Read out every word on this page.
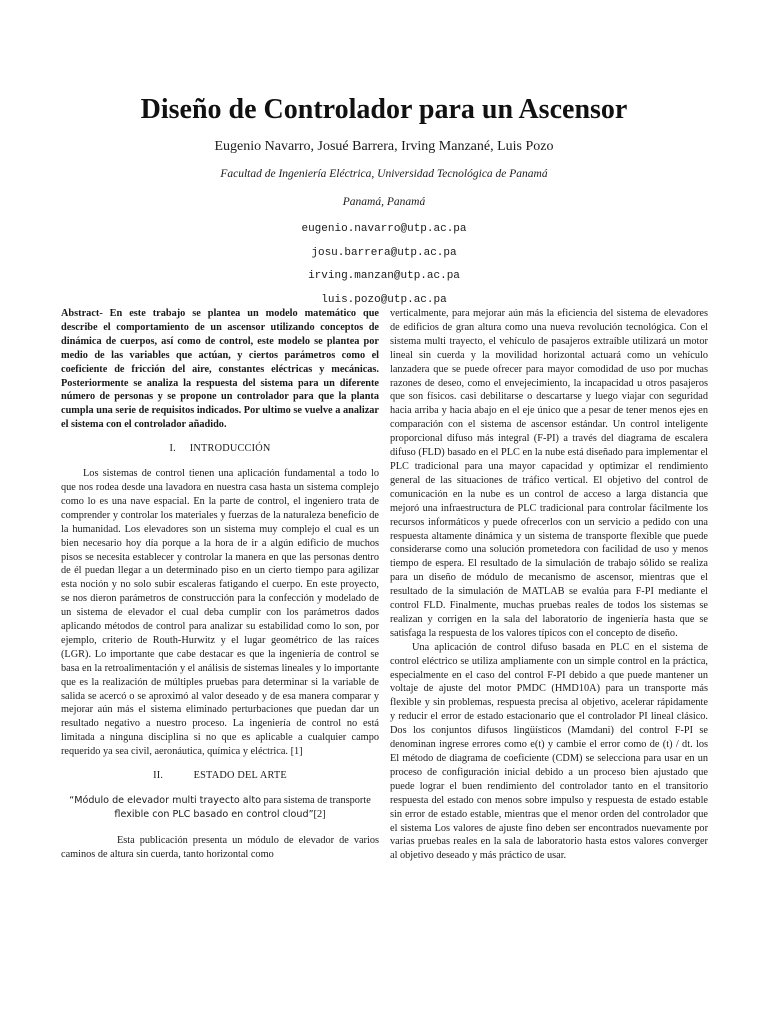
Diseño de Controlador para un Ascensor

Eugenio Navarro, Josué Barrera, Irving Manzané, Luis Pozo

Facultad de Ingeniería Eléctrica, Universidad Tecnológica de Panamá

Panamá, Panamá

eugenio.navarro@utp.ac.pa

josu.barrera@utp.ac.pa

irving.manzan@utp.ac.pa

luis.pozo@utp.ac.pa

Abstract- En este trabajo se plantea un modelo matemático que describe el comportamiento de un ascensor utilizando conceptos de dinámica de cuerpos, así como de control, este modelo se plantea por medio de las variables que actúan, y ciertos parámetros como el coeficiente de fricción del aire, constantes eléctricas y mecánicas. Posteriormente se analiza la respuesta del sistema para un diferente número de personas y se propone un controlador para que la planta cumpla una serie de requisitos indicados. Por ultimo se vuelve a analizar el sistema con el controlador añadido.

I.     INTRODUCCIÓN

Los sistemas de control tienen una aplicación fundamental a todo lo que nos rodea desde una lavadora en nuestra casa hasta un sistema complejo como lo es una nave espacial. En la parte de control, el ingeniero trata de comprender y controlar los materiales y fuerzas de la naturaleza beneficio de la humanidad. Los elevadores son un sistema muy complejo el cual es un bien necesario hoy día porque a la hora de ir a algún edificio de muchos pisos se necesita establecer y controlar la manera en que las personas dentro de él puedan llegar a un determinado piso en un cierto tiempo para agilizar esta noción y no solo subir escaleras fatigando el cuerpo. En este proyecto, se nos dieron parámetros de construcción para la confección y modelado de un sistema de elevador el cual deba cumplir con los parámetros dados aplicando métodos de control para analizar su estabilidad como lo son, por ejemplo, criterio de Routh-Hurwitz y el lugar geométrico de las raíces (LGR). Lo importante que cabe destacar es que la ingeniería de control se basa en la retroalimentación y el análisis de sistemas lineales y lo importante que es la realización de múltiples pruebas para determinar si la variable de salida se acercó o se aproximó al valor deseado y de esa manera comparar y mejorar aún más el sistema eliminado perturbaciones que puedan dar un resultado negativo a nuestro proceso. La ingeniería de control no está limitada a ninguna disciplina si no que es aplicable a cualquier campo requerido ya sea civil, aeronáutica, química y eléctrica. [1]

II.           ESTADO DEL ARTE
“Módulo de elevador multi trayecto alto para sistema de transporte
flexible con PLC basado en control cloud”[2]

Esta publicación presenta un módulo de elevador de varios caminos de altura sin cuerda, tanto horizontal como

verticalmente, para mejorar aún más la eficiencia del sistema de elevadores de edificios de gran altura como una nueva revolución tecnológica. Con el sistema multi trayecto, el vehículo de pasajeros extraíble utilizará un motor lineal sin cuerda y la movilidad horizontal actuará como un vehículo lanzadera que se puede ofrecer para mayor comodidad de uso por muchas razones de deseo, como el envejecimiento, la incapacidad u otros pasajeros que son físicos. casi debilitarse o descartarse y luego viajar con seguridad hacia arriba y hacia abajo en el eje único que a pesar de tener menos ejes en comparación con el sistema de ascensor estándar. Un control inteligente proporcional difuso más integral (F-PI) a través del diagrama de escalera difuso (FLD) basado en el PLC en la nube está diseñado para implementar el PLC tradicional para una mayor capacidad y optimizar el rendimiento general de las situaciones de tráfico vertical. El objetivo del control de comunicación en la nube es un control de acceso a larga distancia que mejoró una infraestructura de PLC tradicional para controlar fácilmente los recursos informáticos y puede ofrecerlos con un servicio a pedido con una respuesta altamente dinámica y un sistema de transporte flexible que puede considerarse como una solución prometedora con facilidad de uso y menos tiempo de espera. El resultado de la simulación de trabajo sólido se realiza para un diseño de módulo de mecanismo de ascensor, mientras que el resultado de la simulación de MATLAB se evalúa para F-PI mediante el control FLD. Finalmente, muchas pruebas reales de todos los sistemas se realizan y corrigen en la sala del laboratorio de ingeniería hasta que se satisfaga la respuesta de los valores típicos con el concepto de diseño.

Una aplicación de control difuso basada en PLC en el sistema de control eléctrico se utiliza ampliamente con un simple control en la práctica, especialmente en el caso del control F-PI debido a que puede mantener un voltaje de ajuste del motor PMDC (HMD10A) para un transporte más flexible y sin problemas, respuesta precisa al objetivo, acelerar rápidamente y reducir el error de estado estacionario que el controlador PI lineal clásico. Dos los conjuntos difusos lingüísticos (Mamdani) del control F-PI se denominan ingrese errores como e(t) y cambie el error como de (t) / dt. los El método de diagrama de coeficiente (CDM) se selecciona para usar en un proceso de configuración inicial debido a un proceso bien ajustado que puede lograr el buen rendimiento del controlador tanto en el transitorio respuesta del estado con menos sobre impulso y respuesta de estado estable sin error de estado estable, mientras que el menor orden del controlador que el sistema Los valores de ajuste fino deben ser encontrados nuevamente por varias pruebas reales en la sala de laboratorio hasta estos valores converger al objetivo deseado y más práctico de usar.
